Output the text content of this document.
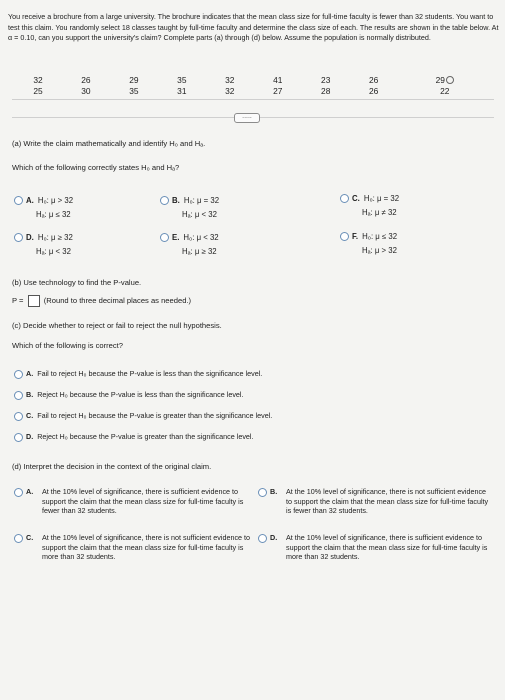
You receive a brochure from a large university. The brochure indicates that the mean class size for full-time faculty is fewer than 32 students. You want to test this claim. You randomly select 18 classes taught by full-time faculty and determine the class size of each. The results are shown in the table below. At α = 0.10, can you support the university's claim? Complete parts (a) through (d) below. Assume the population is normally distributed.
32	26	29	35	32	41	23	26	29
25	30	35	31	32	27	28	26	22
.....
(a) Write the claim mathematically and identify H₀ and Hₐ.
Which of the following correctly states H₀ and Hₐ?
A. H₀: μ > 32
Hₐ: μ ≤ 32
B. H₀: μ = 32
Hₐ: μ < 32
C. H₀: μ = 32
Hₐ: μ ≠ 32
D. H₀: μ ≥ 32
Hₐ: μ < 32
E. H₀: μ < 32
Hₐ: μ ≥ 32
F. H₀: μ ≤ 32
Hₐ: μ > 32
(b) Use technology to find the P-value.
P =	(Round to three decimal places as needed.)
(c) Decide whether to reject or fail to reject the null hypothesis.
Which of the following is correct?
A. Fail to reject H₀ because the P-value is less than the significance level.
B. Reject H₀ because the P-value is less than the significance level.
C. Fail to reject H₀ because the P-value is greater than the significance level.
D. Reject H₀ because the P-value is greater than the significance level.
(d) Interpret the decision in the context of the original claim.
A. At the 10% level of significance, there is sufficient evidence to support the claim that the mean class size for full-time faculty is fewer than 32 students.
B. At the 10% level of significance, there is not sufficient evidence to support the claim that the mean class size for full-time faculty is fewer than 32 students.
C. At the 10% level of significance, there is not sufficient evidence to support the claim that the mean class size for full-time faculty is more than 32 students.
D. At the 10% level of significance, there is sufficient evidence to support the claim that the mean class size for full-time faculty is more than 32 students.
